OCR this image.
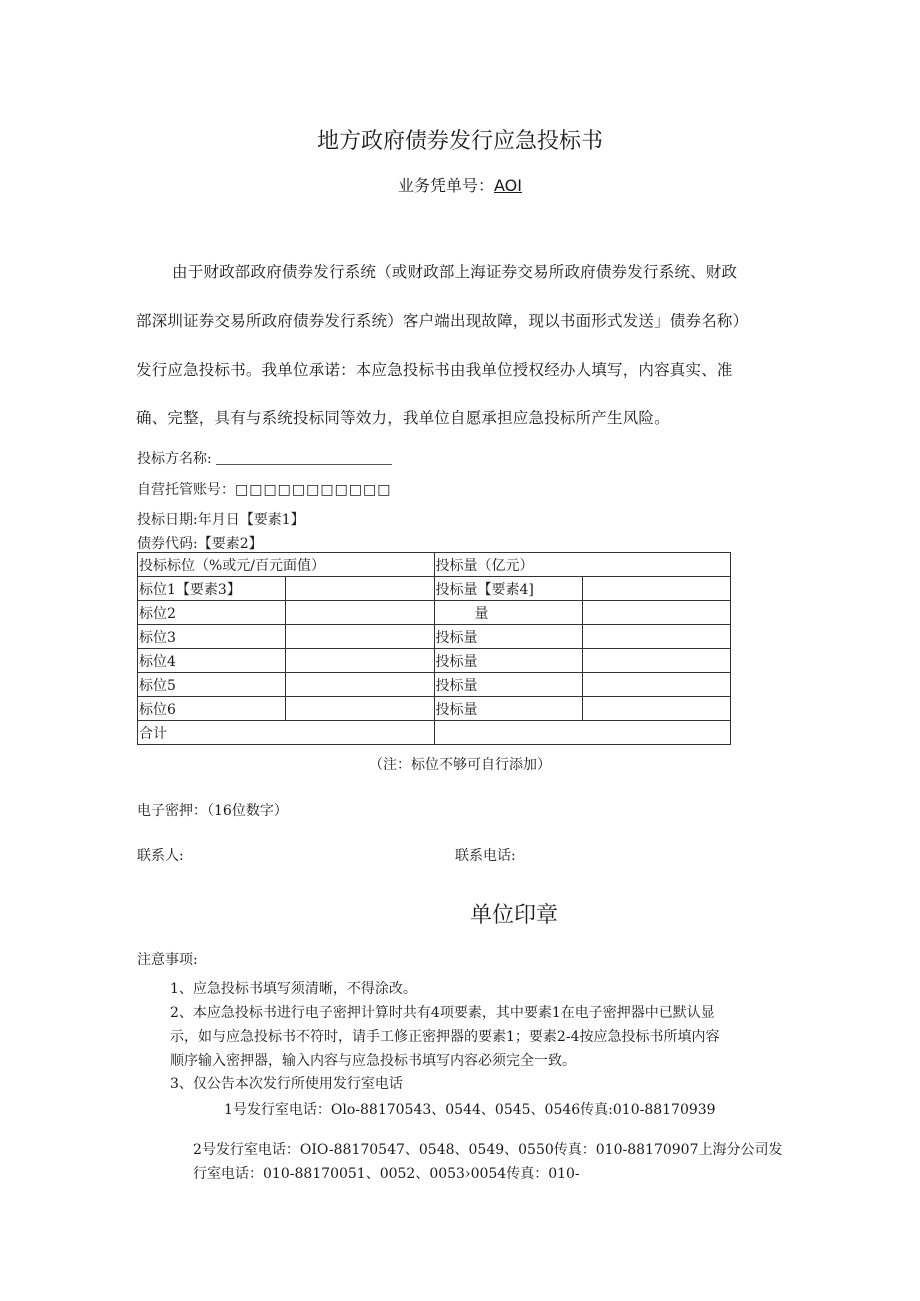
地方政府债券发行应急投标书
业务凭单号：AOI
由于财政部政府债券发行系统（或财政部上海证券交易所政府债券发行系统、财政
部深圳证券交易所政府债券发行系统）客户端出现故障，现以书面形式发送」债券名称）
发行应急投标书。我单位承诺：本应急投标书由我单位授权经办人填写，内容真实、准
确、完整，具有与系统投标同等效力，我单位自愿承担应急投标所产生风险。
投标方名称:
自营托管账号：□□□□□□□□□□□
投标日期:年月日【要素1】
债券代码:【要素2】
投标标位（%或元/百元面值）		投标量（亿元）	
标位1【要素3】		投标量【要素4]	
标位2		量	
标位3		投标量	
标位4		投标量	
标位5		投标量	
标位6		投标量	
合计			
（注：标位不够可自行添加）
电子密押：（16位数字）
联系人:	联系电话:
单位印章
注意事项:
1、应急投标书填写须清晰，不得涂改。
2、本应急投标书进行电子密押计算时共有4项要素，其中要素1在电子密押器中已默认显
示，如与应急投标书不符时，请手工修正密押器的要素1；要素2-4按应急投标书所填内容
顺序输入密押器，输入内容与应急投标书填写内容必须完全一致。
3、仅公告本次发行所使用发行室电话
1号发行室电话：Olo-88170543、0544、0545、0546传真:010-88170939
2号发行室电话：OIO-88170547、0548、0549、0550传真：010-88170907上海分公司发
行室电话：010-88170051、0052、0053›0054传真：010-
